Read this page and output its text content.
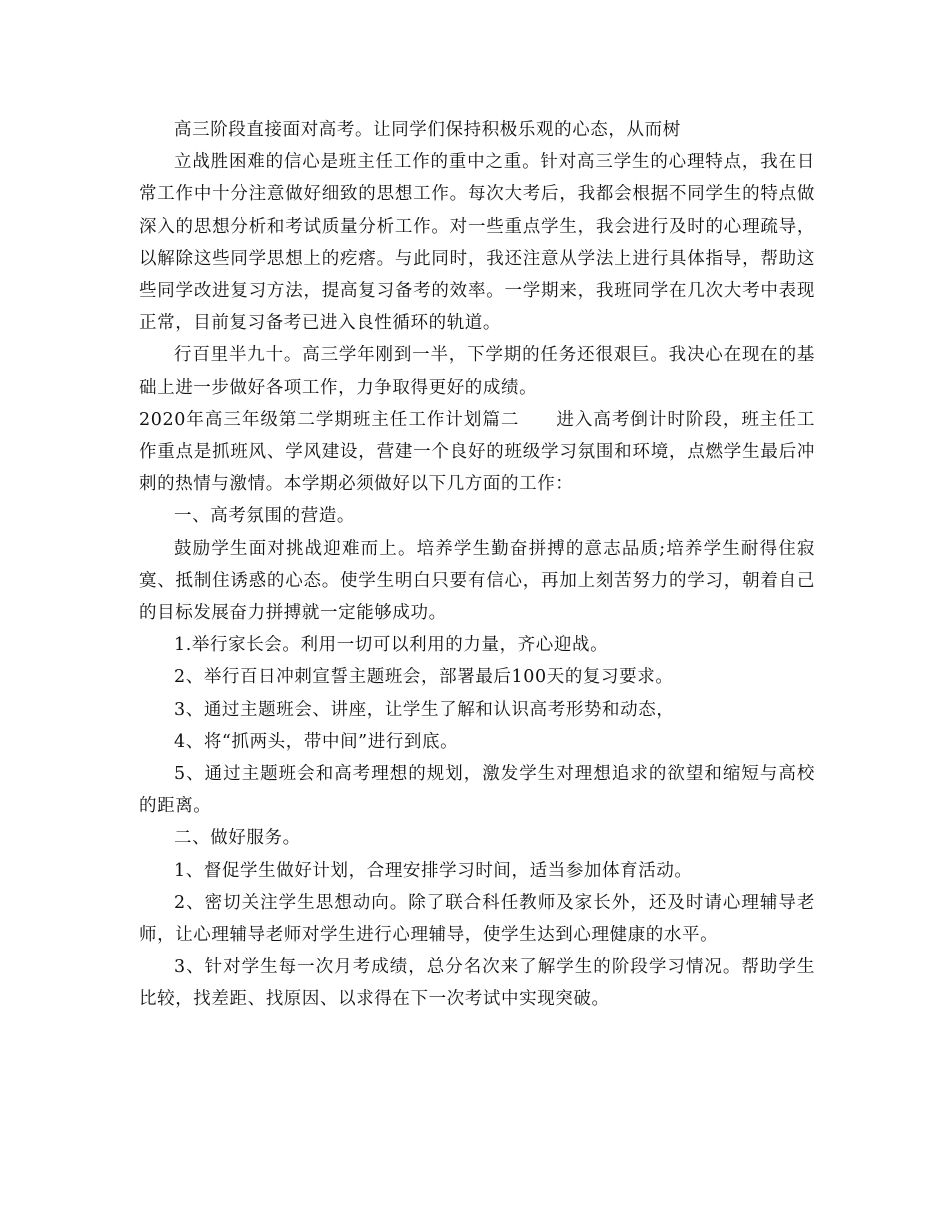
高三阶段直接面对高考。让同学们保持积极乐观的心态，从而树

立战胜困难的信心是班主任工作的重中之重。针对高三学生的心理特点，我在日常工作中十分注意做好细致的思想工作。每次大考后，我都会根据不同学生的特点做深入的思想分析和考试质量分析工作。对一些重点学生，我会进行及时的心理疏导，以解除这些同学思想上的疙瘩。与此同时，我还注意从学法上进行具体指导，帮助这些同学改进复习方法，提高复习备考的效率。一学期来，我班同学在几次大考中表现正常，目前复习备考已进入良性循环的轨道。

行百里半九十。高三学年刚到一半，下学期的任务还很艰巨。我决心在现在的基础上进一步做好各项工作，力争取得更好的成绩。

2020年高三年级第二学期班主任工作计划篇二　　进入高考倒计时阶段，班主任工作重点是抓班风、学风建设，营建一个良好的班级学习氛围和环境，点燃学生最后冲刺的热情与激情。本学期必须做好以下几方面的工作：

一、高考氛围的营造。

鼓励学生面对挑战迎难而上。培养学生勤奋拼搏的意志品质;培养学生耐得住寂寞、抵制住诱惑的心态。使学生明白只要有信心，再加上刻苦努力的学习，朝着自己的目标发展奋力拼搏就一定能够成功。

1.举行家长会。利用一切可以利用的力量，齐心迎战。

2、举行百日冲刺宣誓主题班会，部署最后100天的复习要求。

3、通过主题班会、讲座，让学生了解和认识高考形势和动态，

4、将“抓两头，带中间”进行到底。

5、通过主题班会和高考理想的规划，激发学生对理想追求的欲望和缩短与高校的距离。

二、做好服务。

1、督促学生做好计划，合理安排学习时间，适当参加体育活动。

2、密切关注学生思想动向。除了联合科任教师及家长外，还及时请心理辅导老师，让心理辅导老师对学生进行心理辅导，使学生达到心理健康的水平。

3、针对学生每一次月考成绩，总分名次来了解学生的阶段学习情况。帮助学生比较，找差距、找原因、以求得在下一次考试中实现突破。
